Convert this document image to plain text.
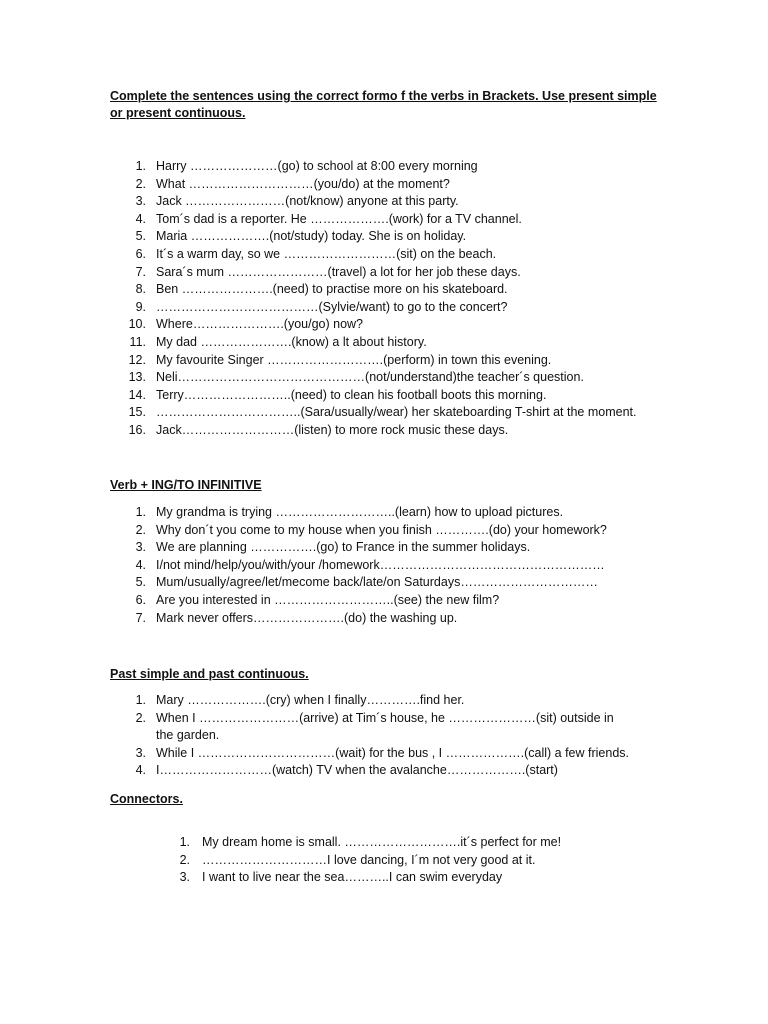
Complete the sentences using the correct formo f the verbs in Brackets. Use present simple
or present continuous.
1. Harry …………………(go) to school at 8:00 every morning
2. What …………………………(you/do) at the moment?
3. Jack ……………………(not/know) anyone at this party.
4. Tom´s dad is a reporter. He ……………….(work) for a TV channel.
5. Maria ……………….(not/study) today. She is on holiday.
6. It´s a warm day, so we ………………………(sit) on the beach.
7. Sara´s mum ……………………(travel) a lot for her job these days.
8. Ben ………………….(need) to practise more on his skateboard.
9. …………………………………(Sylvie/want) to go to the concert?
10. Where………………….(you/go) now?
11. My dad ………………….(know) a lt about history.
12. My favourite Singer ……………………….(perform) in town this evening.
13. Neli………………………………………(not/understand)the teacher´s question.
14. Terry……………………..(need) to clean his football boots this morning.
15. ……………………………..(Sara/usually/wear) her skateboarding T-shirt at the moment.
16. Jack………………………(listen) to more rock music these days.
Verb + ING/TO INFINITIVE
1. My grandma is trying ………………………..(learn) how to upload pictures.
2. Why don´t you come to my house when you finish ………….(do) your homework?
3. We are planning …………….(go) to France in the summer holidays.
4. I/not mind/help/you/with/your /homework………………………………………………
5. Mum/usually/agree/let/mecome back/late/on Saturdays……………………………
6. Are you interested in ………………………..(see) the new film?
7. Mark never offers………………….(do) the washing up.
Past simple and past continuous.
1. Mary ……………….(cry) when I finally………….find her.
2. When I ……………………(arrive) at Tim´s house, he …………………(sit) outside in the garden.
3. While I ……………………………(wait) for the bus , I ……………….(call) a few friends.
4. I………………………(watch) TV when the avalanche……………….(start)
Connectors.
1. My dream home is small. ……………………….it´s perfect for me!
2. …………………………I love dancing, I´m not very good at it.
3. I want to live near the sea………..I can swim everyday
